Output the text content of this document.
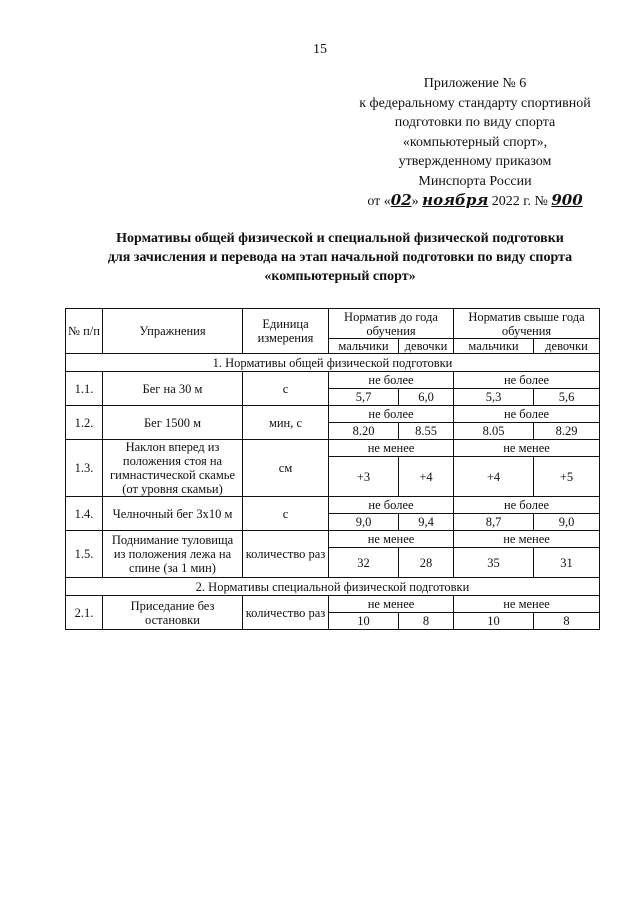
15
Приложение № 6
к федеральному стандарту спортивной
подготовки по виду спорта
«компьютерный спорт»,
утвержденному приказом
Минспорта России
от «02» ноября 2022 г. № 900
Нормативы общей физической и специальной физической подготовки
для зачисления и перевода на этап начальной подготовки по виду спорта
«компьютерный спорт»
№ п/п	Упражнения	Единица измерения	Норматив до года обучения		Норматив свыше года обучения	
			мальчики	девочки	мальчики	девочки
1. Нормативы общей физической подготовки						
1.1.	Бег на 30 м	с	не более		не более	
			5,7	6,0	5,3	5,6
1.2.	Бег 1500 м	мин, с	не более		не более	
			8.20	8.55	8.05	8.29
1.3.	Наклон вперед из положения стоя на гимнастической скамье (от уровня скамьи)	см	не менее		не менее	
			+3	+4	+4	+5
1.4.	Челночный бег 3x10 м	с	не более		не более	
			9,0	9,4	8,7	9,0
1.5.	Поднимание туловища из положения лежа на спине (за 1 мин)	количество раз	не менее		не менее	
			32	28	35	31
2. Нормативы специальной физической подготовки						
2.1.	Приседание без остановки	количество раз	не менее		не менее	
			10	8	10	8
